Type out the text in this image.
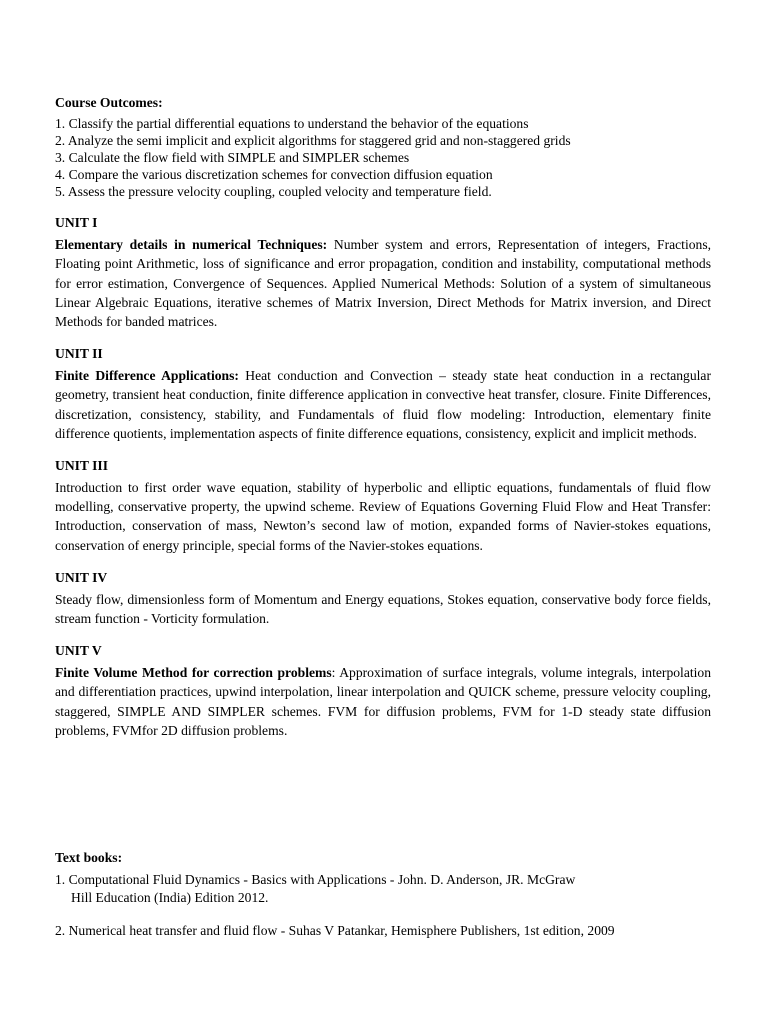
Course Outcomes:

1. Classify the partial differential equations to understand the behavior of the equations

2. Analyze the semi implicit and explicit algorithms for staggered grid and non-staggered grids

3. Calculate the flow field with SIMPLE and SIMPLER schemes

4. Compare the various discretization schemes for convection diffusion equation

5. Assess the pressure velocity coupling, coupled velocity and temperature field.

UNIT I

Elementary details in numerical Techniques: Number system and errors, Representation of integers, Fractions, Floating point Arithmetic, loss of significance and error propagation, condition and instability, computational methods for error estimation, Convergence of Sequences. Applied Numerical Methods: Solution of a system of simultaneous Linear Algebraic Equations, iterative schemes of Matrix Inversion, Direct Methods for Matrix inversion, and Direct Methods for banded matrices.

UNIT II

Finite Difference Applications: Heat conduction and Convection – steady state heat conduction in a rectangular geometry, transient heat conduction, finite difference application in convective heat transfer, closure. Finite Differences, discretization, consistency, stability, and Fundamentals of fluid flow modeling: Introduction, elementary finite difference quotients, implementation aspects of finite difference equations, consistency, explicit and implicit methods.

UNIT III

Introduction to first order wave equation, stability of hyperbolic and elliptic equations, fundamentals of fluid flow modelling, conservative property, the upwind scheme. Review of Equations Governing Fluid Flow and Heat Transfer: Introduction, conservation of mass, Newton’s second law of motion, expanded forms of Navier-stokes equations, conservation of energy principle, special forms of the Navier-stokes equations.

UNIT IV

Steady flow, dimensionless form of Momentum and Energy equations, Stokes equation, conservative body force fields, stream function - Vorticity formulation.

UNIT V

Finite Volume Method for correction problems: Approximation of surface integrals, volume integrals, interpolation and differentiation practices, upwind interpolation, linear interpolation and QUICK scheme, pressure velocity coupling, staggered, SIMPLE AND SIMPLER schemes. FVM for diffusion problems, FVM for 1-D steady state diffusion problems, FVMfor 2D diffusion problems.

Text books:

1. Computational Fluid Dynamics - Basics with Applications - John. D. Anderson, JR. McGraw
Hill Education (India) Edition 2012.

2. Numerical heat transfer and fluid flow - Suhas V Patankar, Hemisphere Publishers, 1st edition, 2009
